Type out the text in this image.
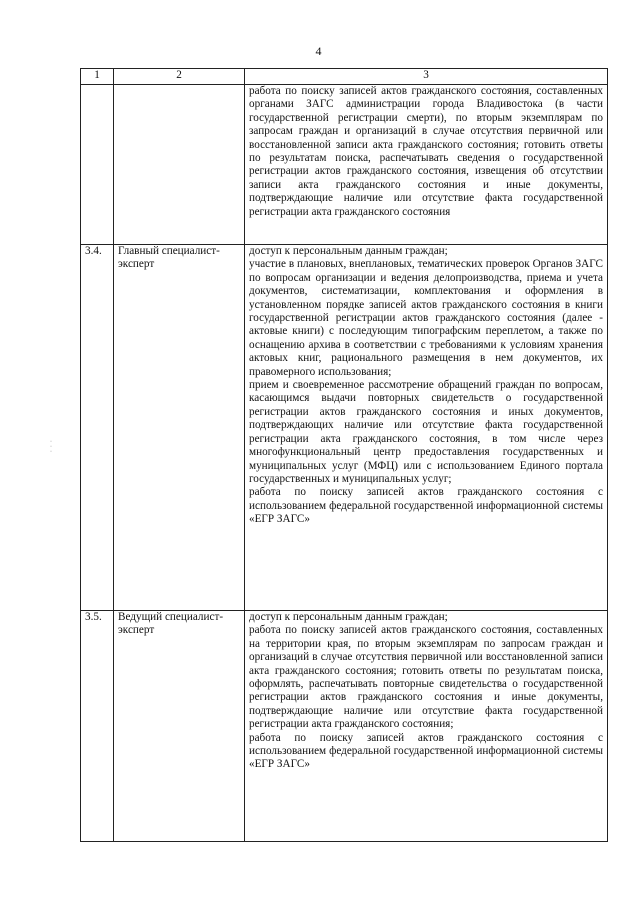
4
·
·
·
1	2	3

		работа по поиску записей актов гражданского состояния, составленных органами ЗАГС администрации города Владивостока (в части государственной регистрации смерти), по вторым экземплярам по запросам граждан и организаций в случае отсутствия первичной или восстановленной записи акта гражданского состояния; готовить ответы по результатам поиска, распечатывать сведения о государственной регистрации актов гражданского состояния, извещения об отсутствии записи акта гражданского состояния и иные документы, подтверждающие наличие или отсутствие факта государственной регистрации акта гражданского состояния

3.4.	Главный специалист-эксперт	доступ к персональным данным граждан;

участие в плановых, внеплановых, тематических проверок Органов ЗАГС по вопросам организации и ведения делопроизводства, приема и учета документов, систематизации, комплектования и оформления в установленном порядке записей актов гражданского состояния в книги государственной регистрации актов гражданского состояния (далее - актовые книги) с последующим типографским переплетом, а также по оснащению архива в соответствии с требованиями к условиям хранения актовых книг, рационального размещения в нем документов, их правомерного использования;

прием и своевременное рассмотрение обращений граждан по вопросам, касающимся выдачи повторных свидетельств о государственной регистрации актов гражданского состояния и иных документов, подтверждающих наличие или отсутствие факта государственной регистрации акта гражданского состояния, в том числе через многофункциональный центр предоставления государственных и муниципальных услуг (МФЦ) или с использованием Единого портала государственных и муниципальных услуг;

работа по поиску записей актов гражданского состояния с использованием федеральной государственной информационной системы «ЕГР ЗАГС»

3.5.	Ведущий специалист-эксперт	доступ к персональным данным граждан;

работа по поиску записей актов гражданского состояния, составленных на территории края, по вторым экземплярам по запросам граждан и организаций в случае отсутствия первичной или восстановленной записи акта гражданского состояния; готовить ответы по результатам поиска, оформлять, распечатывать повторные свидетельства о государственной регистрации актов гражданского состояния и иные документы, подтверждающие наличие или отсутствие факта государственной регистрации акта гражданского состояния;

работа по поиску записей актов гражданского состояния с использованием федеральной государственной информационной системы «ЕГР ЗАГС»
